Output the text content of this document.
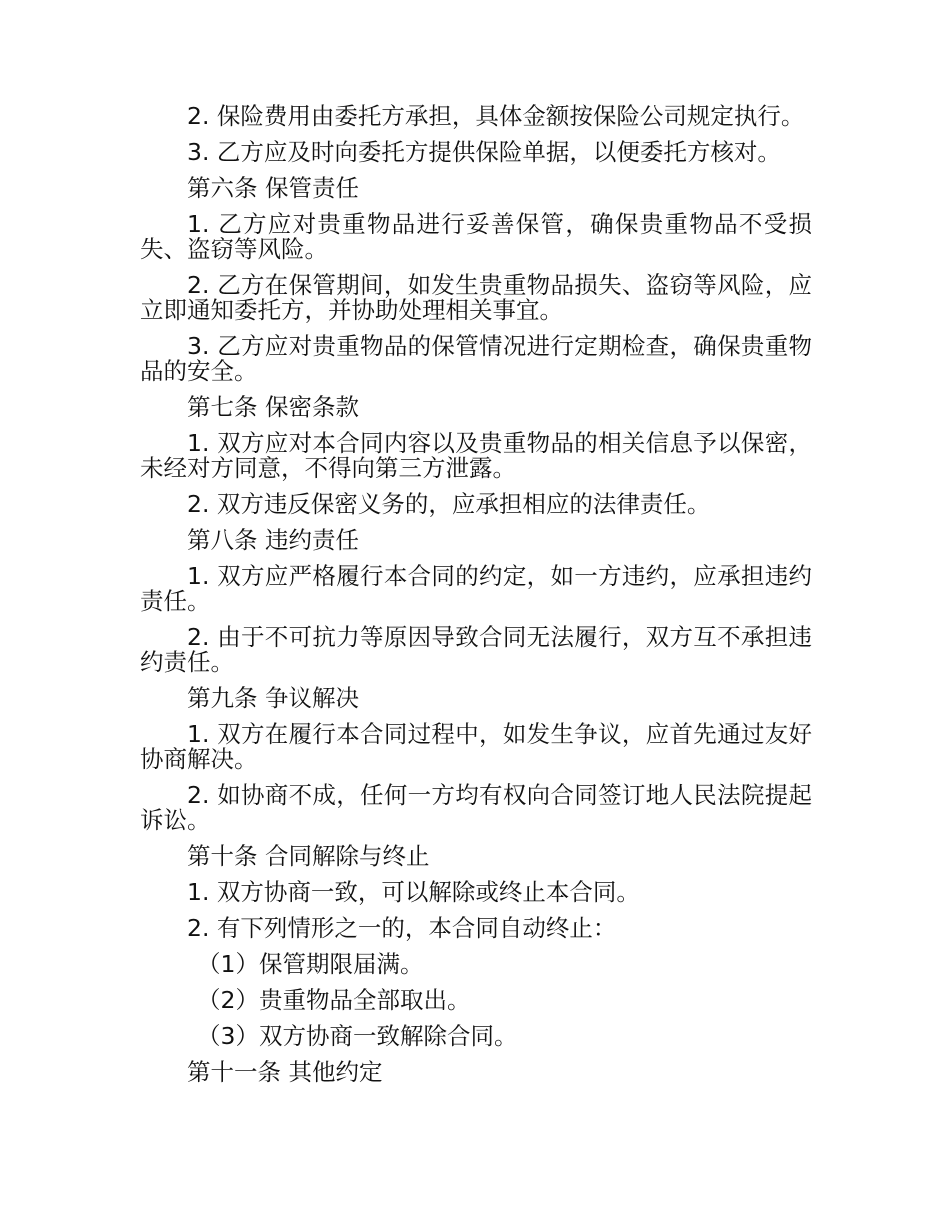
2. 保险费用由委托方承担，具体金额按保险公司规定执行。

3. 乙方应及时向委托方提供保险单据，以便委托方核对。

第六条 保管责任

1. 乙方应对贵重物品进行妥善保管，确保贵重物品不受损失、盗窃等风险。

2. 乙方在保管期间，如发生贵重物品损失、盗窃等风险，应立即通知委托方，并协助处理相关事宜。

3. 乙方应对贵重物品的保管情况进行定期检查，确保贵重物品的安全。

第七条 保密条款

1. 双方应对本合同内容以及贵重物品的相关信息予以保密，未经对方同意，不得向第三方泄露。

2. 双方违反保密义务的，应承担相应的法律责任。

第八条 违约责任

1. 双方应严格履行本合同的约定，如一方违约，应承担违约责任。

2. 由于不可抗力等原因导致合同无法履行，双方互不承担违约责任。

第九条 争议解决

1. 双方在履行本合同过程中，如发生争议，应首先通过友好协商解决。

2. 如协商不成，任何一方均有权向合同签订地人民法院提起诉讼。

第十条 合同解除与终止

1. 双方协商一致，可以解除或终止本合同。

2. 有下列情形之一的，本合同自动终止：

（1）保管期限届满。

（2）贵重物品全部取出。

（3）双方协商一致解除合同。

第十一条 其他约定
